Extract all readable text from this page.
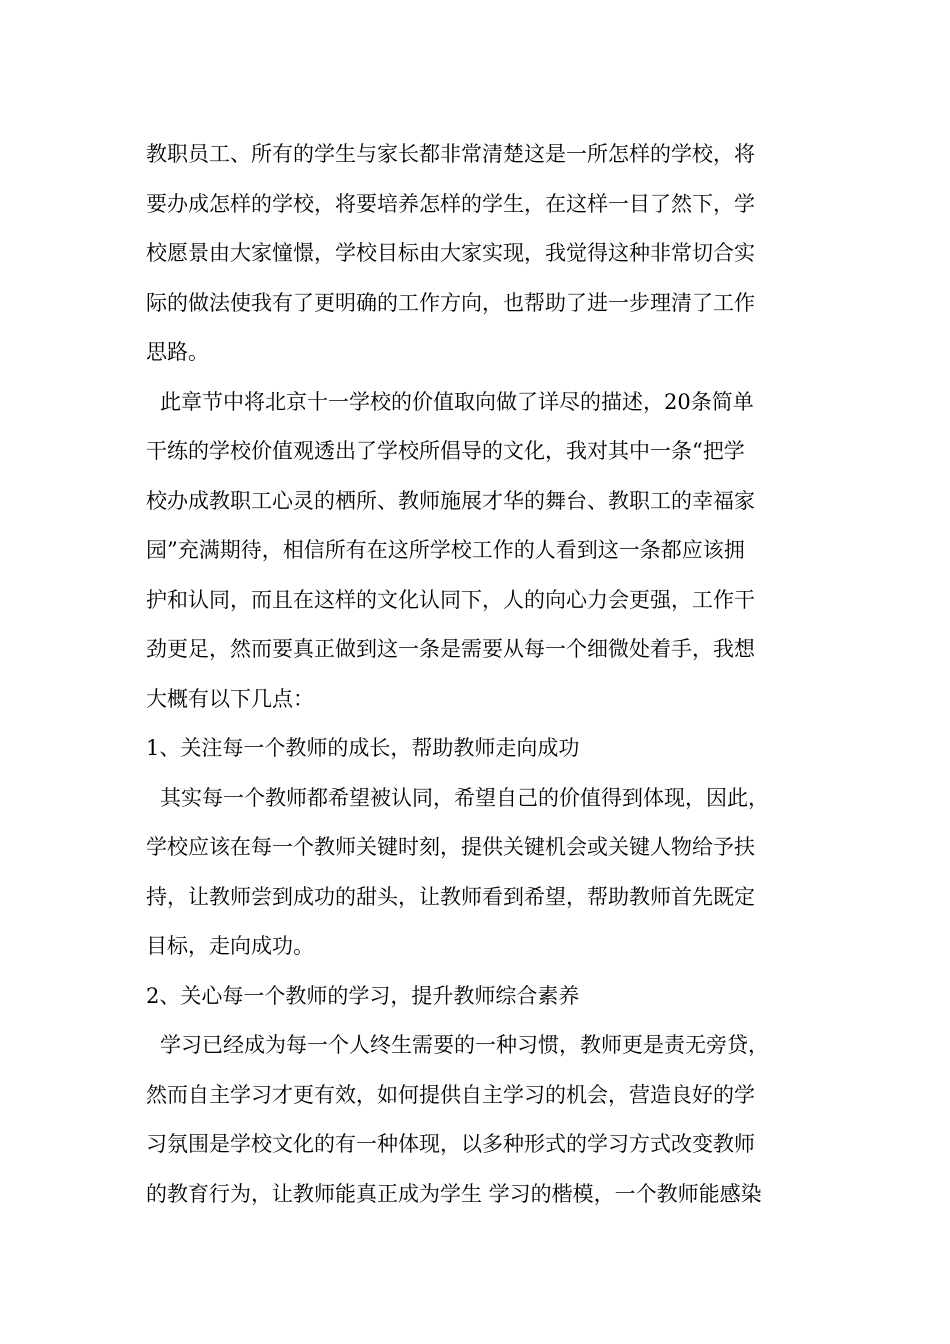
教职员工、所有的学生与家长都非常清楚这是一所怎样的学校，将
要办成怎样的学校，将要培养怎样的学生，在这样一目了然下，学
校愿景由大家憧憬，学校目标由大家实现，我觉得这种非常切合实
际的做法使我有了更明确的工作方向，也帮助了进一步理清了工作
思路。
此章节中将北京十一学校的价值取向做了详尽的描述，20条简单
干练的学校价值观透出了学校所倡导的文化，我对其中一条“把学
校办成教职工心灵的栖所、教师施展才华的舞台、教职工的幸福家
园”充满期待，相信所有在这所学校工作的人看到这一条都应该拥
护和认同，而且在这样的文化认同下，人的向心力会更强，工作干
劲更足，然而要真正做到这一条是需要从每一个细微处着手，我想
大概有以下几点：
1、关注每一个教师的成长，帮助教师走向成功
其实每一个教师都希望被认同，希望自己的价值得到体现，因此，
学校应该在每一个教师关键时刻，提供关键机会或关键人物给予扶
持，让教师尝到成功的甜头，让教师看到希望，帮助教师首先既定
目标，走向成功。
2、关心每一个教师的学习，提升教师综合素养
学习已经成为每一个人终生需要的一种习惯，教师更是责无旁贷，
然而自主学习才更有效，如何提供自主学习的机会，营造良好的学
习氛围是学校文化的有一种体现，以多种形式的学习方式改变教师
的教育行为，让教师能真正成为学生 学习的楷模，一个教师能感染
